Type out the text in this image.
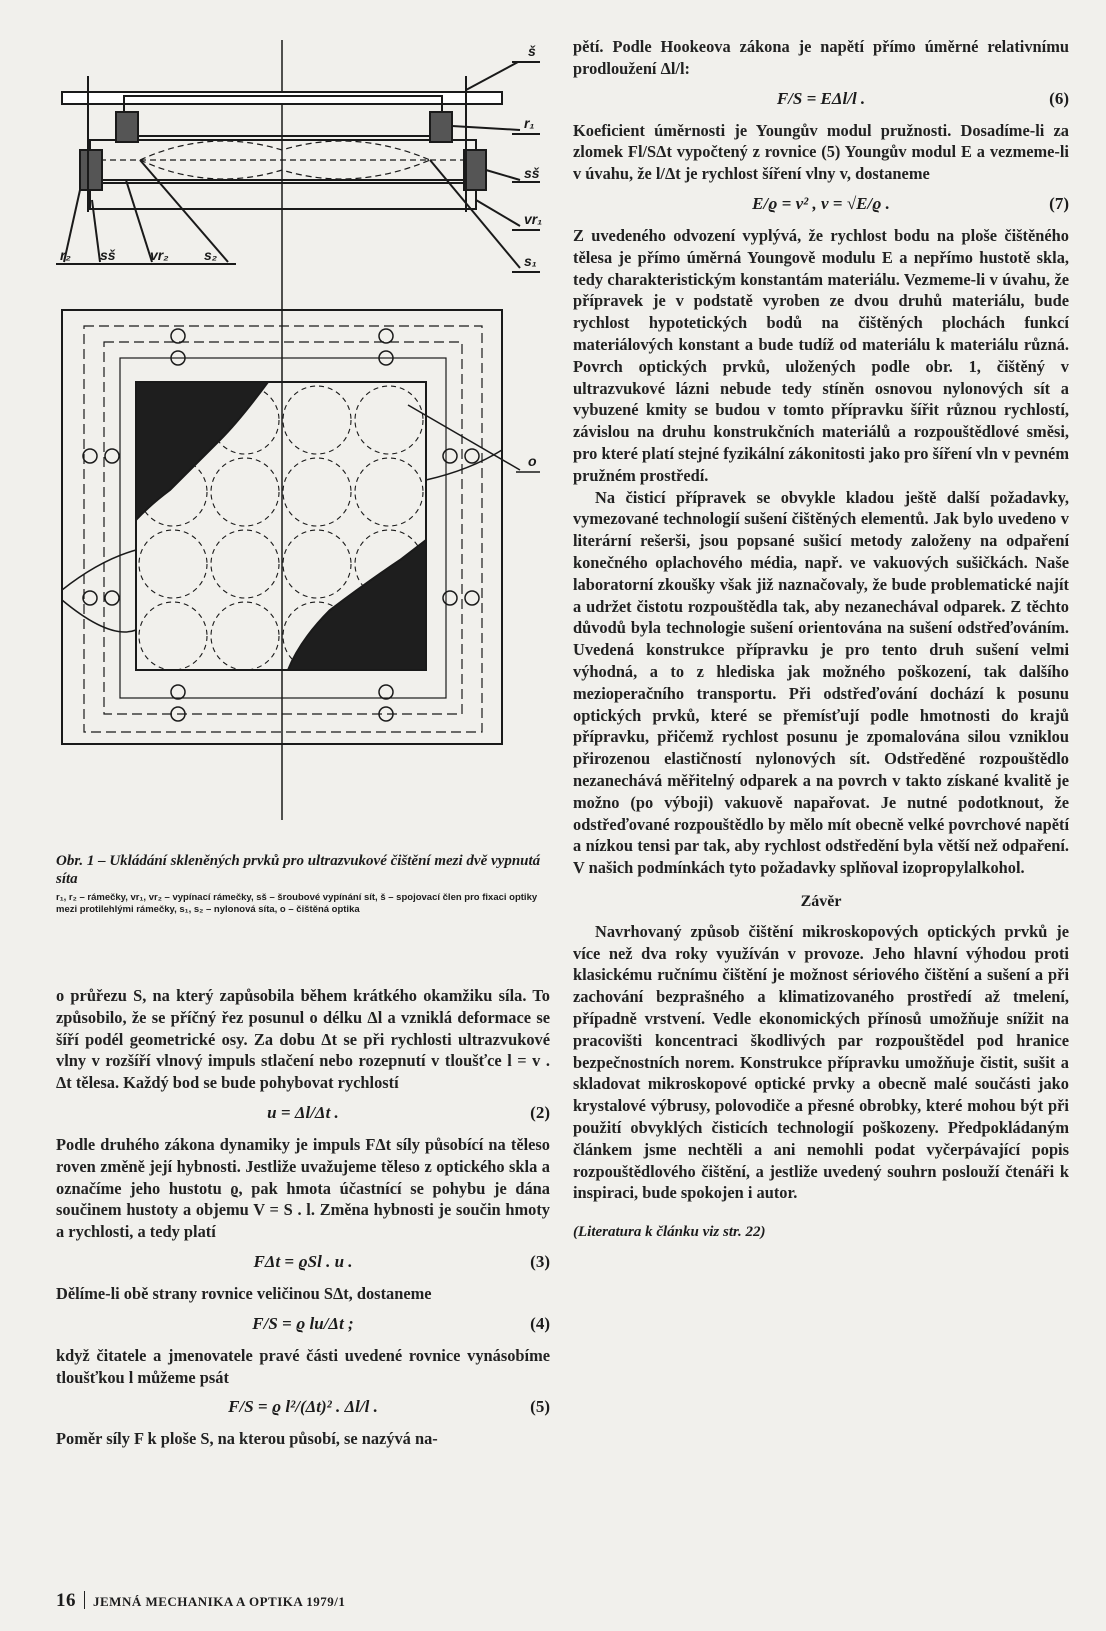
š
r₁
sš
vr₁
s₁
r₂ sš vr₂	s₂
o
Obr. 1 – Ukládání skleněných prvků pro ultrazvukové čištění mezi dvě vypnutá síta
r₁, r₂ – rámečky, vr₁, vr₂ – vypínací rámečky, sš – šroubové vypínání sít, š – spojovací člen pro fixaci optiky mezi protilehlými rámečky, s₁, s₂ – nylonová síta, o – čištěná optika

o průřezu S, na který zapůsobila během krátkého okamžiku síla. To způsobilo, že se příčný řez posunul o délku Δl a vzniklá deformace se šíří podél geometrické osy. Za dobu Δt se při rychlosti ultrazvukové vlny v rozšíří vlnový impuls stlačení nebo rozepnutí v tloušťce l = v . Δt tělesa. Každý bod se bude pohybovat rychlostí

u = Δl/Δt .	(2)

Podle druhého zákona dynamiky je impuls FΔt síly působící na těleso roven změně její hybnosti. Jestliže uvažujeme těleso z optického skla a označíme jeho hustotu ϱ, pak hmota účastnící se pohybu je dána součinem hustoty a objemu V = S . l. Změna hybnosti je součin hmoty a rychlosti, a tedy platí

FΔt = ϱSl . u .	(3)

Dělíme-li obě strany rovnice veličinou SΔt, dostaneme

F/S = ϱ lu/Δt ;	(4)

když čitatele a jmenovatele pravé části uvedené rovnice vynásobíme tloušťkou l můžeme psát

F/S = ϱ l²/(Δt)² . Δl/l .	(5)

Poměr síly F k ploše S, na kterou působí, se nazývá na-

pětí. Podle Hookeova zákona je napětí přímo úměrné relativnímu prodloužení Δl/l:

F/S = EΔl/l .	(6)

Koeficient úměrnosti je Youngův modul pružnosti. Dosadíme-li za zlomek Fl/SΔt vypočtený z rovnice (5) Youngův modul E a vezmeme-li v úvahu, že l/Δt je rychlost šíření vlny v, dostaneme

E/ϱ = v² , v = √E/ϱ .	(7)

Z uvedeného odvození vyplývá, že rychlost bodu na ploše čištěného tělesa je přímo úměrná Youngově modulu E a nepřímo hustotě skla, tedy charakteristickým konstantám materiálu. Vezmeme-li v úvahu, že přípravek je v podstatě vyroben ze dvou druhů materiálu, bude rychlost hypotetických bodů na čištěných plochách funkcí materiálových konstant a bude tudíž od materiálu k materiálu různá. Povrch optických prvků, uložených podle obr. 1, čištěný v ultrazvukové lázni nebude tedy stíněn osnovou nylonových sít a vybuzené kmity se budou v tomto přípravku šířit různou rychlostí, závislou na druhu konstrukčních materiálů a rozpouštědlové směsi, pro které platí stejné fyzikální zákonitosti jako pro šíření vln v pevném pružném prostředí.

Na čisticí přípravek se obvykle kladou ještě další požadavky, vymezované technologií sušení čištěných elementů. Jak bylo uvedeno v literární rešerši, jsou popsané sušicí metody založeny na odpaření konečného oplachového média, např. ve vakuových sušičkách. Naše laboratorní zkoušky však již naznačovaly, že bude problematické najít a udržet čistotu rozpouštědla tak, aby nezanechával odparek. Z těchto důvodů byla technologie sušení orientována na sušení odstřeďováním. Uvedená konstrukce přípravku je pro tento druh sušení velmi výhodná, a to z hlediska jak možného poškození, tak dalšího mezioperačního transportu. Při odstřeďování dochází k posunu optických prvků, které se přemísťují podle hmotnosti do krajů přípravku, přičemž rychlost posunu je zpomalována silou vzniklou přirozenou elastičností nylonových sít. Odstředěné rozpouštědlo nezanechává měřitelný odparek a na povrch v takto získané kvalitě je možno (po výboji) vakuově napařovat. Je nutné podotknout, že odstřeďované rozpouštědlo by mělo mít obecně velké povrchové napětí a nízkou tensi par tak, aby rychlost odstředění byla větší než odpaření. V našich podmínkách tyto požadavky splňoval izopropylalkohol.

Závěr

Navrhovaný způsob čištění mikroskopových optických prvků je více než dva roky využíván v provoze. Jeho hlavní výhodou proti klasickému ručnímu čištění je možnost sériového čištění a sušení a při zachování bezprašného a klimatizovaného prostředí až tmelení, případně vrstvení. Vedle ekonomických přínosů umožňuje snížit na pracovišti koncentraci škodlivých par rozpouštědel pod hranice bezpečnostních norem. Konstrukce přípravku umožňuje čistit, sušit a skladovat mikroskopové optické prvky a obecně malé součásti jako krystalové výbrusy, polovodiče a přesné obrobky, které mohou být při použití obvyklých čisticích technologií poškozeny. Předpokládaným článkem jsme nechtěli a ani nemohli podat vyčerpávající popis rozpouštědlového čištění, a jestliže uvedený souhrn poslouží čtenáři k inspiraci, bude spokojen i autor.

(Literatura k článku viz str. 22)
16 JEMNÁ MECHANIKA A OPTIKA 1979/1
